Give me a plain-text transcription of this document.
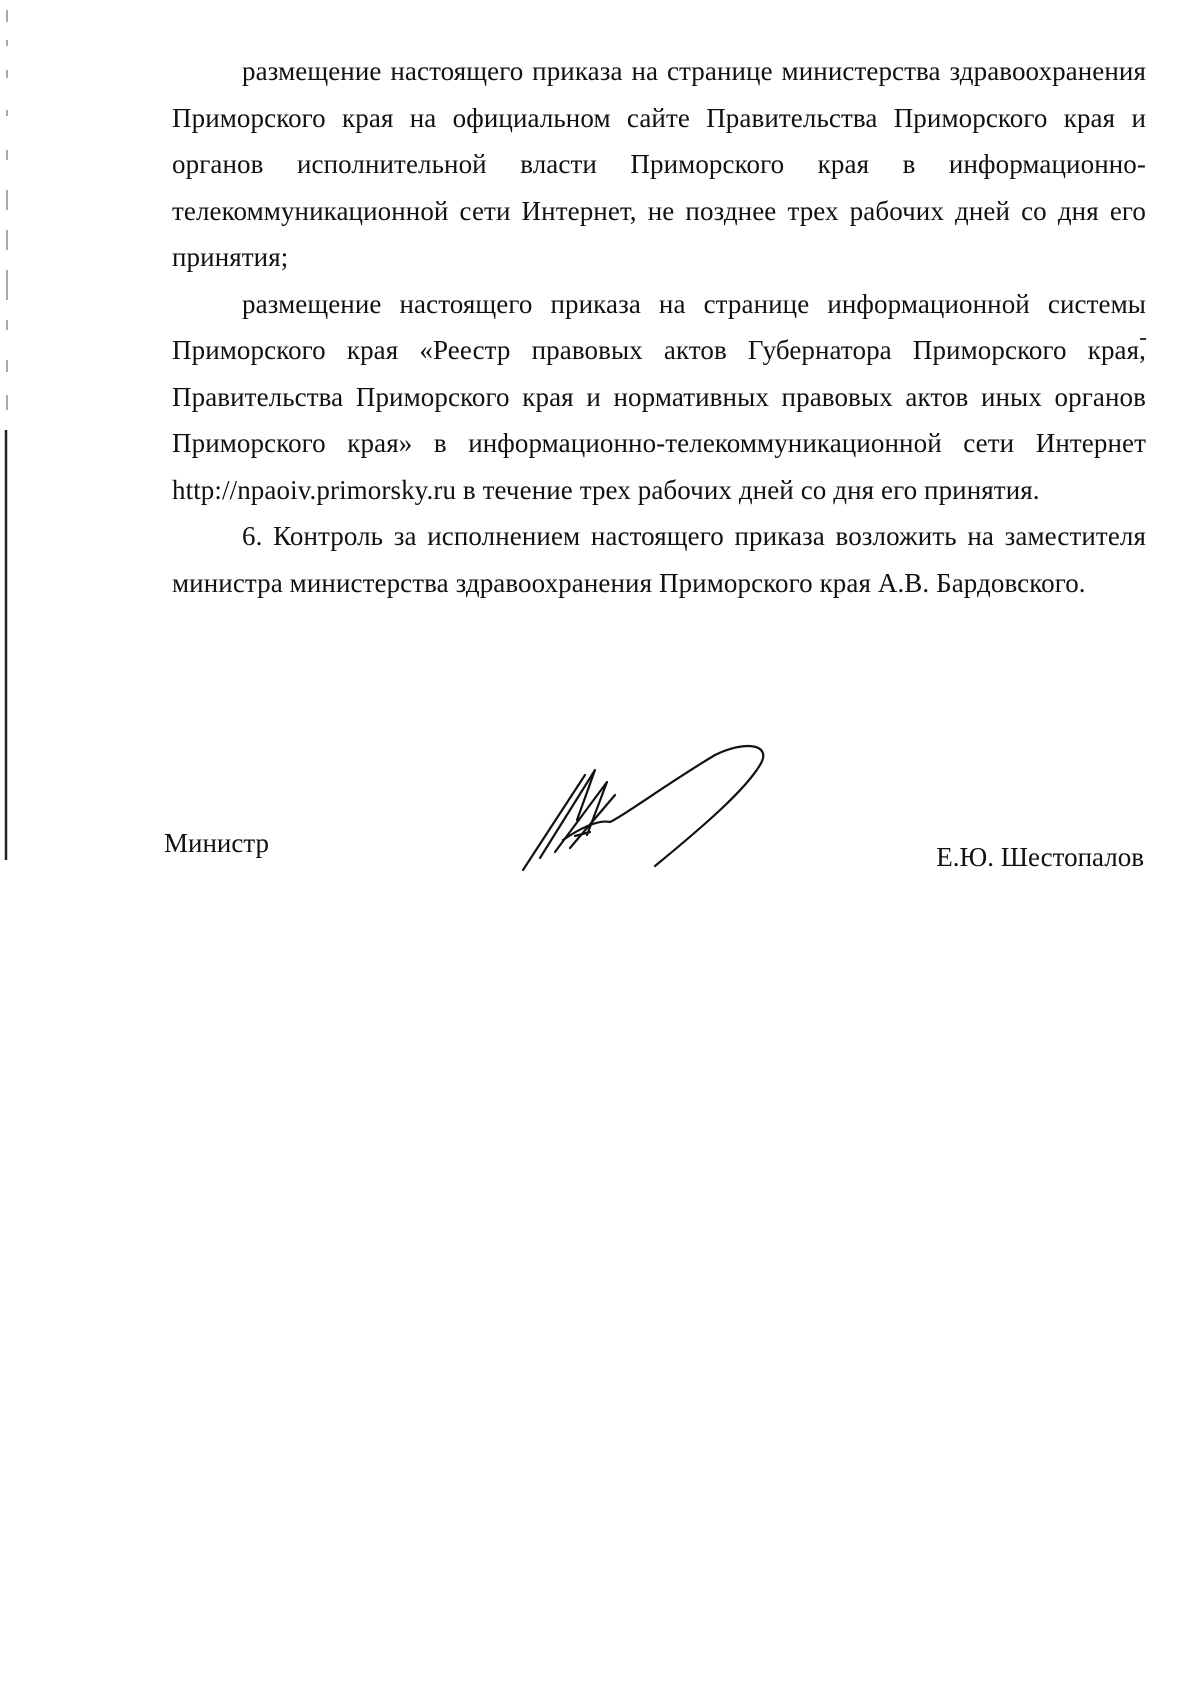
размещение настоящего приказа на странице министерства здравоохранения Приморского края на официальном сайте Правительства Приморского края и органов исполнительной власти Приморского края в информационно-телекоммуникационной сети Интернет, не позднее трех рабочих дней со дня его принятия;

размещение настоящего приказа на странице информационной системы Приморского края «Реестр правовых актов Губернатора Приморского края, Правительства Приморского края и нормативных правовых актов иных органов Приморского края» в информационно-телекоммуникационной сети Интернет http://npaoiv.primorsky.ru в течение трех рабочих дней со дня его принятия.

6. Контроль за исполнением настоящего приказа возложить на заместителя министра министерства здравоохранения Приморского края А.В. Бардовского.

Министр	Е.Ю. Шестопалов
